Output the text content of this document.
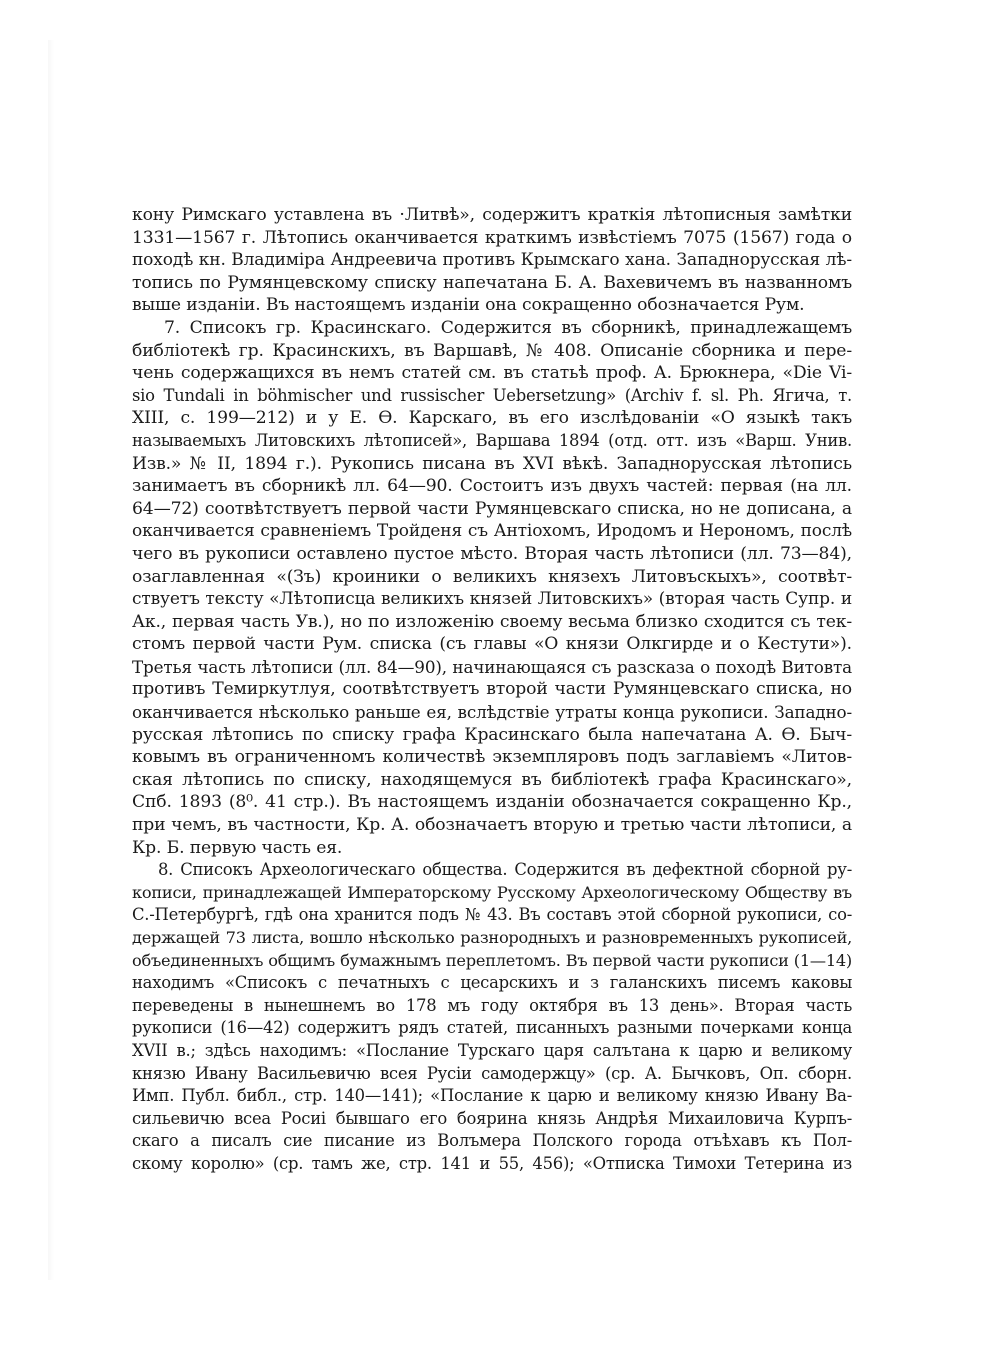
кону Римскаго уставлена въ ·Литвѣ», содержитъ краткія лѣтописныя замѣтки
1331—1567 г. Лѣтопись оканчивается краткимъ извѣстіемъ 7075 (1567) года о
походѣ кн. Владиміра Андреевича противъ Крымскаго хана. Западнорусская лѣ-
топись по Румянцевскому списку напечатана Б. А. Вахевичемъ въ названномъ
выше изданіи. Въ настоящемъ изданіи она сокращенно обозначается Рум.
7. Списокъ гр. Красинскаго. Содержится въ сборникѣ, принадлежащемъ
библіотекѣ гр. Красинскихъ, въ Варшавѣ, № 408. Описаніе сборника и пере-
чень содержащихся въ немъ статей см. въ статьѣ проф. А. Брюкнера, «Die Vi-
sio Tundali in böhmischer und russischer Uebersetzung» (Archiv f. sl. Ph. Ягича, т.
XIII, с. 199—212) и у Е. Ѳ. Карскаго, въ его изслѣдованіи «О языкѣ такъ
называемыхъ Литовскихъ лѣтописей», Варшава 1894 (отд. отт. изъ «Варш. Унив.
Изв.» № II, 1894 г.). Рукопись писана въ XVI вѣкѣ. Западнорусская лѣтопись
занимаетъ въ сборникѣ лл. 64—90. Состоитъ изъ двухъ частей: первая (на лл.
64—72) соотвѣтствуетъ первой части Румянцевскаго списка, но не дописана, а
оканчивается сравненіемъ Тройденя съ Антіохомъ, Иродомъ и Нерономъ, послѣ
чего въ рукописи оставлено пустое мѣсто. Вторая часть лѣтописи (лл. 73—84),
озаглавленная «(Зъ) кроиники о великихъ князехъ Литовъскыхъ», соотвѣт-
ствуетъ тексту «Лѣтописца великихъ князей Литовскихъ» (вторая часть Супр. и
Ак., первая часть Ув.), но по изложенію своему весьма близко сходится съ тек-
стомъ первой части Рум. списка (съ главы «О князи Олкгирде и о Кестути»).
Третья часть лѣтописи (лл. 84—90), начинающаяся съ разсказа о походѣ Витовта
противъ Темиркутлуя, соотвѣтствуетъ второй части Румянцевскаго списка, но
оканчивается нѣсколько раньше ея, вслѣдствіе утраты конца рукописи. Западно-
русская лѣтопись по списку графа Красинскаго была напечатана А. Ѳ. Быч-
ковымъ въ ограниченномъ количествѣ экземпляровъ подъ заглавіемъ «Литов-
ская лѣтопись по списку, находящемуся въ библіотекѣ графа Красинскаго»,
Спб. 1893 (8⁰. 41 стр.). Въ настоящемъ изданіи обозначается сокращенно Кр.,
при чемъ, въ частности, Кр. А. обозначаетъ вторую и третью части лѣтописи, а
Кр. Б. первую часть ея.
8. Списокъ Археологическаго общества. Содержится въ дефектной сборной ру-
кописи, принадлежащей Императорскому Русскому Археологическому Обществу въ
С.-Петербургѣ, гдѣ она хранится подъ № 43. Въ составъ этой сборной рукописи, со-
держащей 73 листа, вошло нѣсколько разнородныхъ и разновременныхъ рукописей,
объединенныхъ общимъ бумажнымъ переплетомъ. Въ первой части рукописи (1—14)
находимъ «Списокъ с печатныхъ с цесарскихъ и з галанскихъ писемъ каковы
переведены в нынешнемъ во 178 мъ году октября въ 13 день». Вторая часть
рукописи (16—42) содержитъ рядъ статей, писанныхъ разными почерками конца
XVII в.; здѣсь находимъ: «Послание Турскаго царя салътана к царю и великому
князю Ивану Васильевичю всея Русіи самодержцу» (ср. А. Бычковъ, Оп. сборн.
Имп. Публ. библ., стр. 140—141); «Послание к царю и великому князю Ивану Ва-
сильевичю всеа Росиі бывшаго его боярина князь Андрѣя Михаиловича Курпъ-
скаго а писалъ сие писание из Волъмера Полского города отъѣхавъ къ Пол-
скому королю» (ср. тамъ же, стр. 141 и 55, 456); «Отписка Тимохи Тетерина из
